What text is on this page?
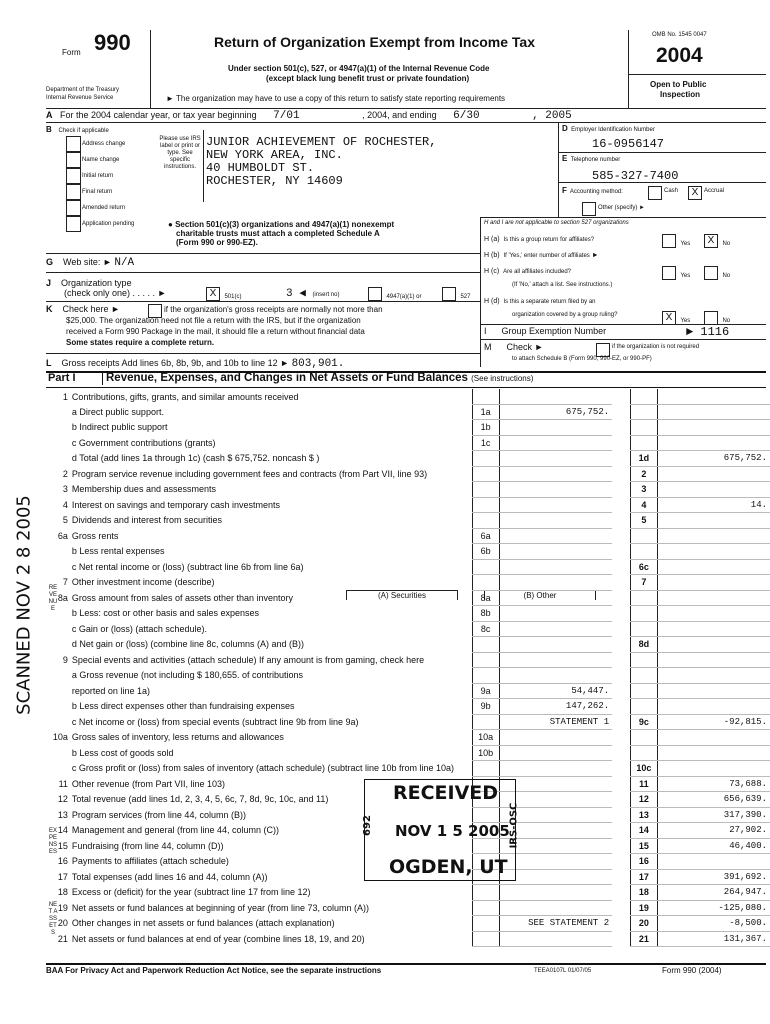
Form 990
Department of the Treasury
Internal Revenue Service
Return of Organization Exempt from Income Tax
Under section 501(c), 527, or 4947(a)(1) of the Internal Revenue Code
(except black lung benefit trust or private foundation)
► The organization may have to use a copy of this return to satisfy state reporting requirements
OMB No. 1545 0047
2004
Open to Public
Inspection
A For the 2004 calendar year, or tax year beginning 7/01	, 2004, and ending 6/30	, 2005
B Check if applicable
Address change
Name change
Initial return
Final return
Amended return
Application pending
Please use IRS label or print or type. See specific instructions.
JUNIOR ACHIEVEMENT OF ROCHESTER,
NEW YORK AREA, INC.
40 HUMBOLDT ST.
ROCHESTER, NY 14609
D Employer Identification Number
16-0956147
E Telephone number
585-327-7400
F Accounting method:	Cash	X Accrual
Other (specify) ►
● Section 501(c)(3) organizations and 4947(a)(1) nonexempt
charitable trusts must attach a completed Schedule A
(Form 990 or 990-EZ).
H and I are not applicable to section 527 organizations
H (a) Is this a group return for affiliates?
Yes	X No
H (b) If 'Yes,' enter number of affiliates ►
H (c) Are all affiliates included?
Yes	No
(If 'No,' attach a list. See instructions.)
H (d) Is this a separate return filed by an
organization covered by a group ruling?	X Yes	No
I Group Exemption Number	► 1116
M Check ►	if the organization is not required
to attach Schedule B (Form 990, 990-EZ, or 990-PF)
G Web site: ► N/A
J Organization type
(check only one) . . . . . ►	X 501(c)	3 ◀ (insert no)	4947(a)(1) or	527
K Check here ►	if the organization's gross receipts are normally not more than
$25,000. The organization need not file a return with the IRS, but if the organization
received a Form 990 Package in the mail, it should file a return without financial data
Some states require a complete return.
L Gross receipts Add lines 6b, 8b, 9b, and 10b to line 12 ► 803,901.
Part I	Revenue, Expenses, and Changes in Net Assets or Fund Balances (See instructions)
(A) Securities	(B) Other
1	Contributions, gifts, grants, and similar amounts received					
	a Direct public support.	1a	675,752.			
	b Indirect public support	1b				
	c Government contributions (grants)	1c				
	d Total (add lines 1a through 1c) (cash $ 675,752. noncash $ )				1d	675,752.
2	Program service revenue including government fees and contracts (from Part VII, line 93)				2	
3	Membership dues and assessments				3	
4	Interest on savings and temporary cash investments				4	14.
5	Dividends and interest from securities				5	
6a	Gross rents	6a				
	b Less rental expenses	6b				
	c Net rental income or (loss) (subtract line 6b from line 6a)				6c	
7	Other investment income (describe)				7	
8a	Gross amount from sales of assets other than inventory	8a				
	b Less: cost or other basis and sales expenses	8b				
	c Gain or (loss) (attach schedule).	8c				
	d Net gain or (loss) (combine line 8c, columns (A) and (B))				8d	
9	Special events and activities (attach schedule) If any amount is from gaming, check here					
	a Gross revenue (not including $ 180,655. of contributions					
	reported on line 1a)	9a	54,447.			
	b Less direct expenses other than fundraising expenses	9b	147,262.			
	c Net income or (loss) from special events (subtract line 9b from line 9a)		STATEMENT 1		9c	-92,815.
10a	Gross sales of inventory, less returns and allowances	10a				
	b Less cost of goods sold	10b				
	c Gross profit or (loss) from sales of inventory (attach schedule) (subtract line 10b from line 10a)				10c	
11	Other revenue (from Part VII, line 103)				11	73,688.
12	Total revenue (add lines 1d, 2, 3, 4, 5, 6c, 7, 8d, 9c, 10c, and 11)				12	656,639.
13	Program services (from line 44, column (B))				13	317,390.
14	Management and general (from line 44, column (C))				14	27,902.
15	Fundraising (from line 44, column (D))				15	46,400.
16	Payments to affiliates (attach schedule)				16	
17	Total expenses (add lines 16 and 44, column (A))				17	391,692.
18	Excess or (deficit) for the year (subtract line 17 from line 12)				18	264,947.
19	Net assets or fund balances at beginning of year (from line 73, column (A))				19	-125,080.
20	Other changes in net assets or fund balances (attach explanation)		SEE STATEMENT 2		20	-8,500.
21	Net assets or fund balances at end of year (combine lines 18, 19, and 20)				21	131,367.
REVENUE
EXPENSES
NET ASSETS
SCANNED NOV 2 8 2005
RECEIVED
NOV 1 5 2005
OGDEN, UT
692	IRS-OSC
BAA For Privacy Act and Paperwork Reduction Act Notice, see the separate instructions	TEEA0107L 01/07/05	Form 990 (2004)
